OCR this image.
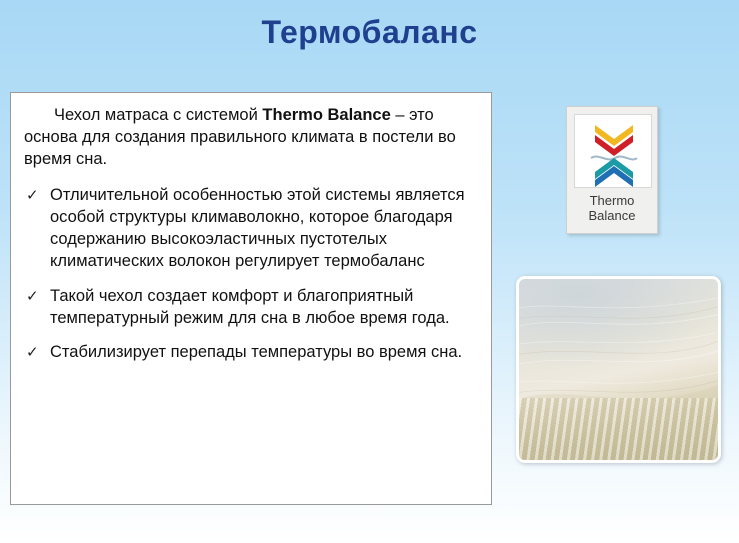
Термобаланс

Чехол матраса с системой Thermo Balance – это основа для создания правильного климата в постели во время сна.

✓ Отличительной особенностью этой системы является особой структуры климаволокно, которое благодаря содержанию высокоэластичных пустотелых климатических волокон регулирует термобаланс
✓ Такой чехол создает комфорт и благоприятный температурный режим для сна в любое время года.
✓ Стабилизирует перепады температуры во время сна.
Thermo
Balance
